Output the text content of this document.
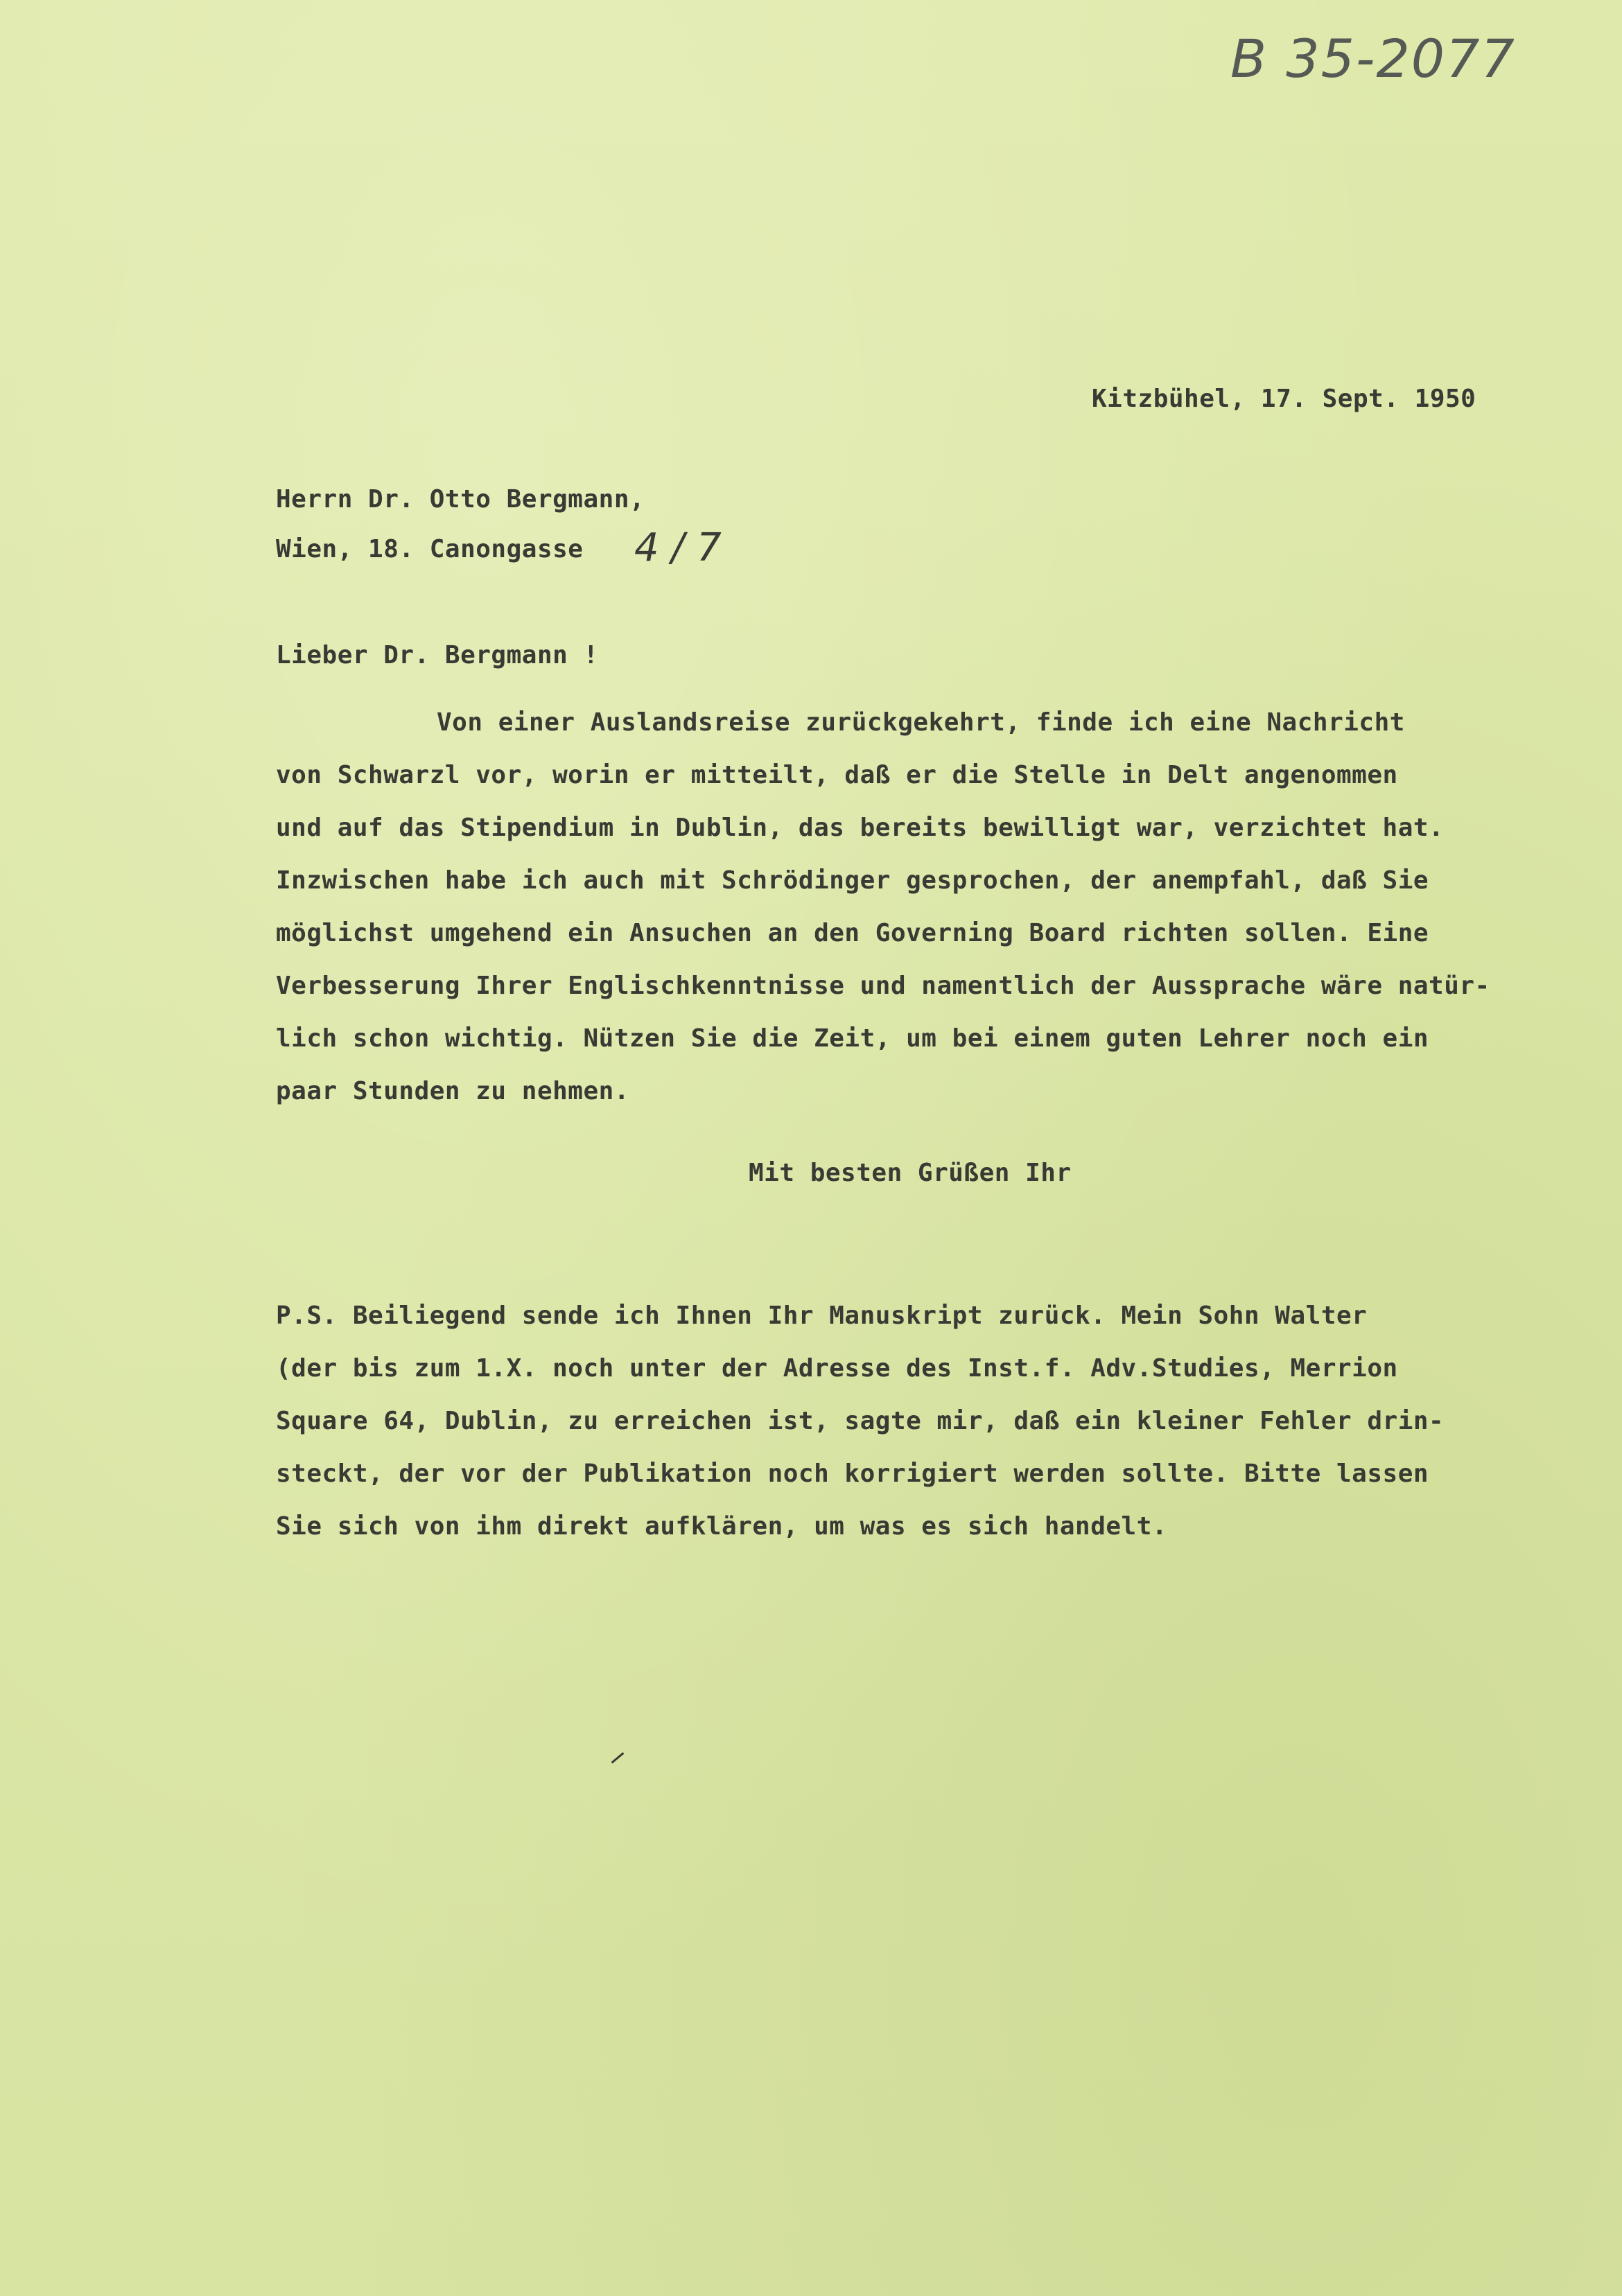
B 35-2077
Kitzbühel, 17. Sept. 1950
Herrn Dr. Otto Bergmann,
Wien, 18. Canongasse 4 / 7
Lieber Dr. Bergmann !
Von einer Auslandsreise zurückgekehrt, finde ich eine Nachricht
von Schwarzl vor, worin er mitteilt, daß er die Stelle in Delt angenommen
und auf das Stipendium in Dublin, das bereits bewilligt war, verzichtet hat.
Inzwischen habe ich auch mit Schrödinger gesprochen, der anempfahl, daß Sie
möglichst umgehend ein Ansuchen an den Governing Board richten sollen. Eine
Verbesserung Ihrer Englischkenntnisse und namentlich der Aussprache wäre natür-
lich schon wichtig. Nützen Sie die Zeit, um bei einem guten Lehrer noch ein
paar Stunden zu nehmen.
Mit besten Grüßen Ihr
P.S. Beiliegend sende ich Ihnen Ihr Manuskript zurück. Mein Sohn Walter
(der bis zum 1.X. noch unter der Adresse des Inst.f. Adv.Studies, Merrion
Square 64, Dublin, zu erreichen ist, sagte mir, daß ein kleiner Fehler drin-
steckt, der vor der Publikation noch korrigiert werden sollte. Bitte lassen
Sie sich von ihm direkt aufklären, um was es sich handelt.
